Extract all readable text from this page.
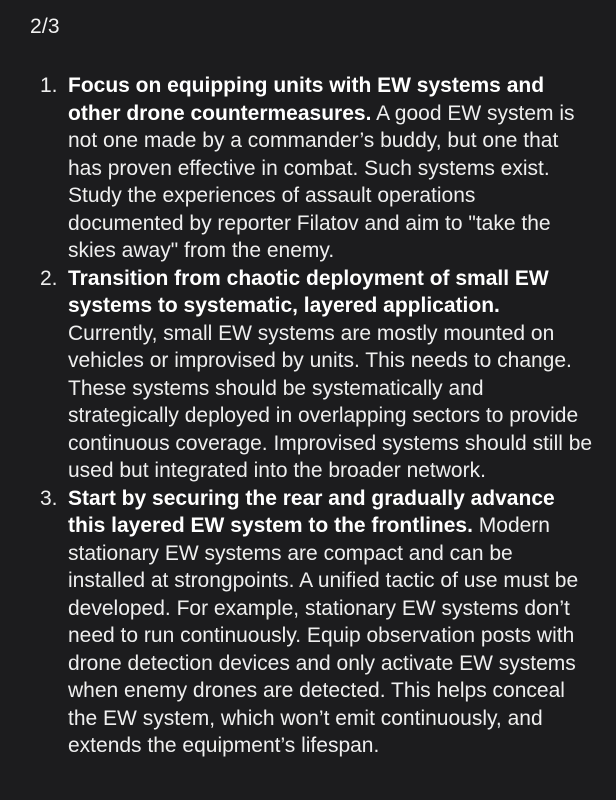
2/3
1. Focus on equipping units with EW systems and other drone countermeasures. A good EW system is not one made by a commander’s buddy, but one that has proven effective in combat. Such systems exist. Study the experiences of assault operations documented by reporter Filatov and aim to "take the skies away" from the enemy.
2. Transition from chaotic deployment of small EW systems to systematic, layered application. Currently, small EW systems are mostly mounted on vehicles or improvised by units. This needs to change. These systems should be systematically and strategically deployed in overlapping sectors to provide continuous coverage. Improvised systems should still be used but integrated into the broader network.
3. Start by securing the rear and gradually advance this layered EW system to the frontlines. Modern stationary EW systems are compact and can be installed at strongpoints. A unified tactic of use must be developed. For example, stationary EW systems don’t need to run continuously. Equip observation posts with drone detection devices and only activate EW systems when enemy drones are detected. This helps conceal the EW system, which won’t emit continuously, and extends the equipment’s lifespan.
